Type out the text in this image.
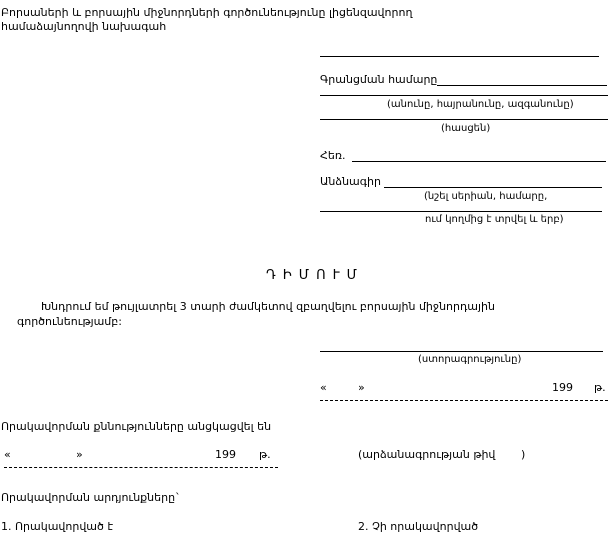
Բորսաների և բորսային միջնորդների գործունեությունը լիցենզավորող
համաձայնողովի նախագահ
Գրանցման համարը
(անունը, հայրանունը, ազգանունը)
(հասցեն)
Հեռ.
Անձնագիր
(նշել սերիան, համարը,
ում կողմից է տրվել և երբ)
ԴԻՄՈՒՄ
Խնդրում եմ թույլատրել 3 տարի ժամկետով զբաղվելու բորսային միջնորդային
գործունեությամբ:
(ստորագրությունը)
«	»	199 թ.
Որակավորման քննությունները անցկացվել են
«	»	199 թ.	(արձանագրության թիվ )
Որակավորման արդյունքները`
1. Որակավորված է	2. Չի որակավորված
